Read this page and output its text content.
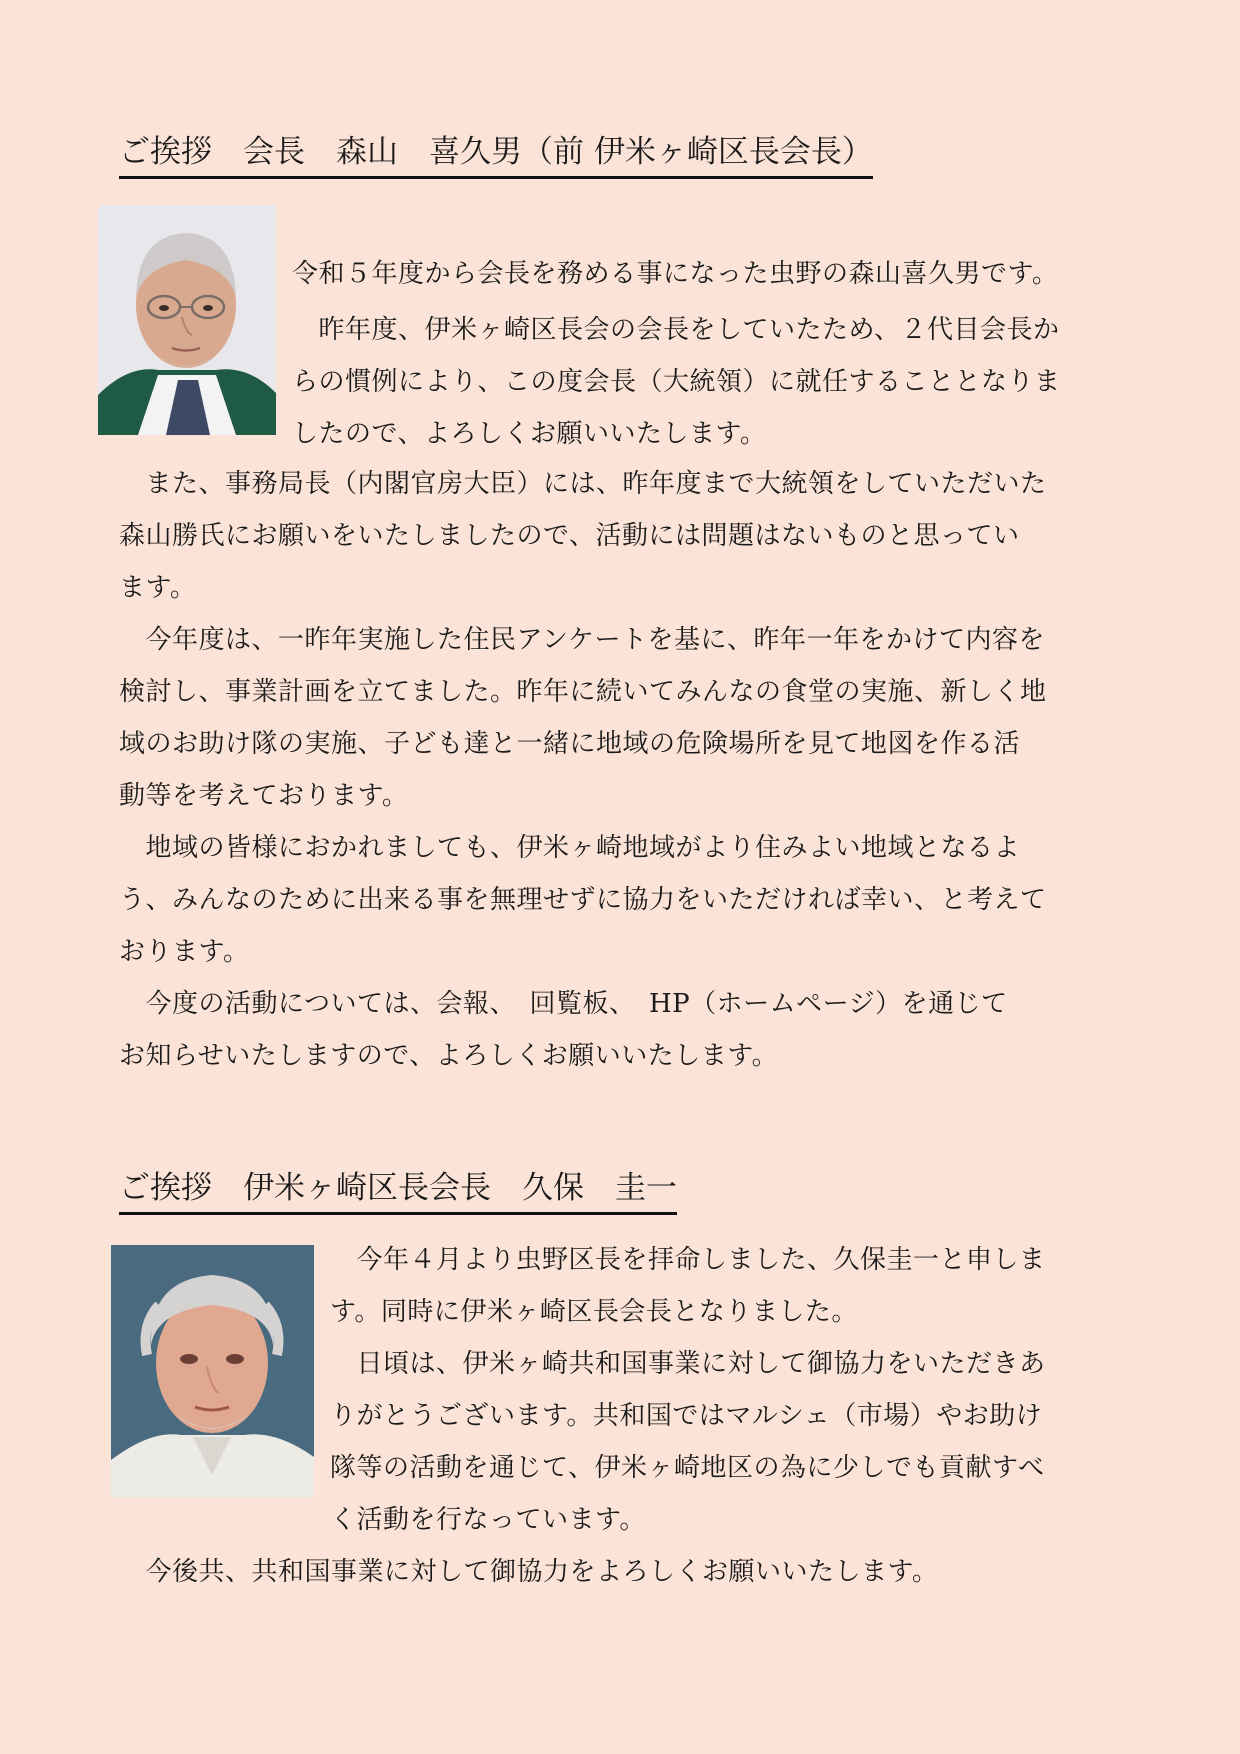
ご挨拶　会長　森山　喜久男（前 伊米ヶ崎区長会長）
令和５年度から会長を務める事になった虫野の森山喜久男です。
　昨年度、伊米ヶ崎区長会の会長をしていたため、２代目会長か
らの慣例により、この度会長（大統領）に就任することとなりま
したので、よろしくお願いいたします。
　また、事務局長（内閣官房大臣）には、昨年度まで大統領をしていただいた
森山勝氏にお願いをいたしましたので、活動には問題はないものと思ってい
ます。
　今年度は、一昨年実施した住民アンケートを基に、昨年一年をかけて内容を
検討し、事業計画を立てました。昨年に続いてみんなの食堂の実施、新しく地
域のお助け隊の実施、子ども達と一緒に地域の危険場所を見て地図を作る活
動等を考えております。
　地域の皆様におかれましても、伊米ヶ崎地域がより住みよい地域となるよ
う、みんなのために出来る事を無理せずに協力をいただければ幸い、と考えて
おります。
　今度の活動については、会報、　回覧板、　HP（ホームページ）を通じて
お知らせいたしますので、よろしくお願いいたします。
ご挨拶　伊米ヶ崎区長会長　久保　圭一
　今年４月より虫野区長を拝命しました、久保圭一と申しま
す。同時に伊米ヶ崎区長会長となりました。
　日頃は、伊米ヶ崎共和国事業に対して御協力をいただきあ
りがとうございます。共和国ではマルシェ（市場）やお助け
隊等の活動を通じて、伊米ヶ崎地区の為に少しでも貢献すべ
く活動を行なっています。
　今後共、共和国事業に対して御協力をよろしくお願いいたします。
